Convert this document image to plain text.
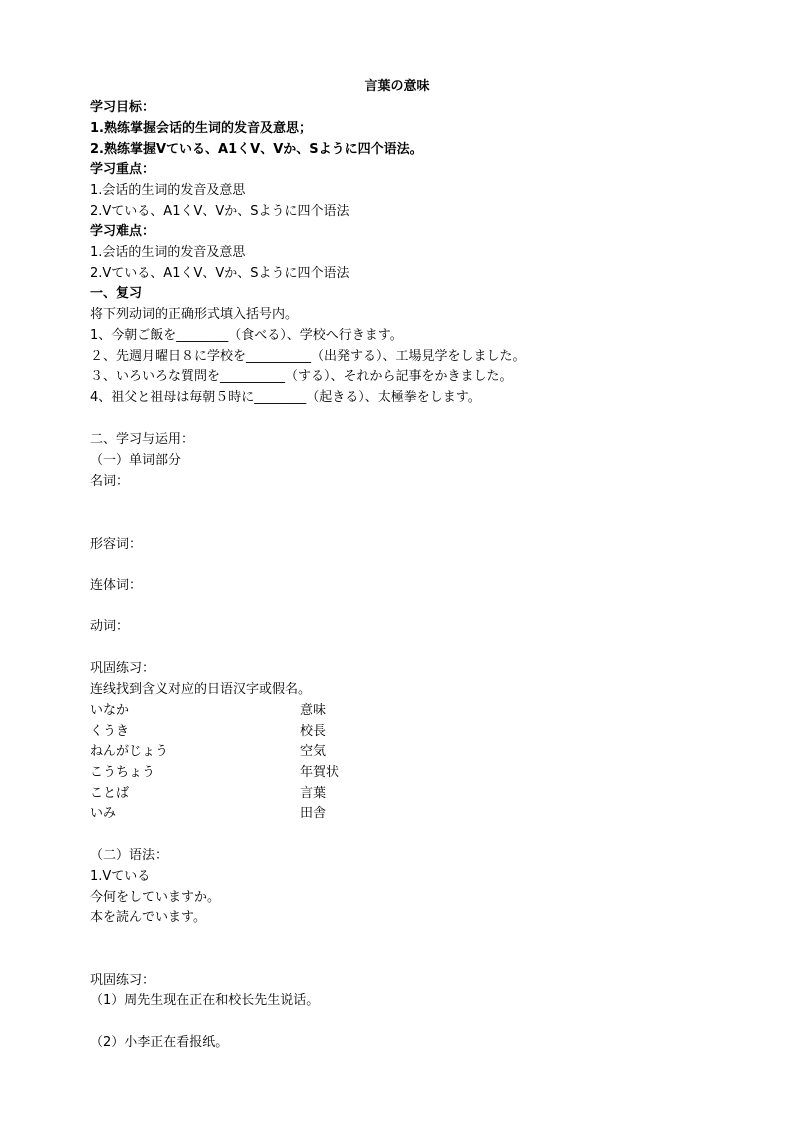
言葉の意味
学习目标：
1.熟练掌握会话的生词的发音及意思；
2.熟练掌握Vている、A1くV、Vか、Sように四个语法。
学习重点：
1.会话的生词的发音及意思
2.Vている、A1くV、Vか、Sように四个语法
学习难点：
1.会话的生词的发音及意思
2.Vている、A1くV、Vか、Sように四个语法
一、复习
将下列动词的正确形式填入括号内。
1、今朝ご飯を________（食べる）、学校へ行きます。
２、先週月曜日８に学校を__________（出発する）、工場見学をしました。
３、いろいろな質問を__________（する）、それから記事をかきました。
4、祖父と祖母は毎朝５時に________（起きる）、太極拳をします。
二、学习与运用：
（一）单词部分
名词：
形容词：
连体词：
动词：
巩固练习：
连线找到含义对应的日语汉字或假名。
いなか	意味
くうき	校長
ねんがじょう	空気
こうちょう	年賀状
ことば	言葉
いみ	田舎
（二）语法：
1.Vている
今何をしていますか。
本を読んでいます。
巩固练习：
（1）周先生现在正在和校长先生说话。
（2）小李正在看报纸。
